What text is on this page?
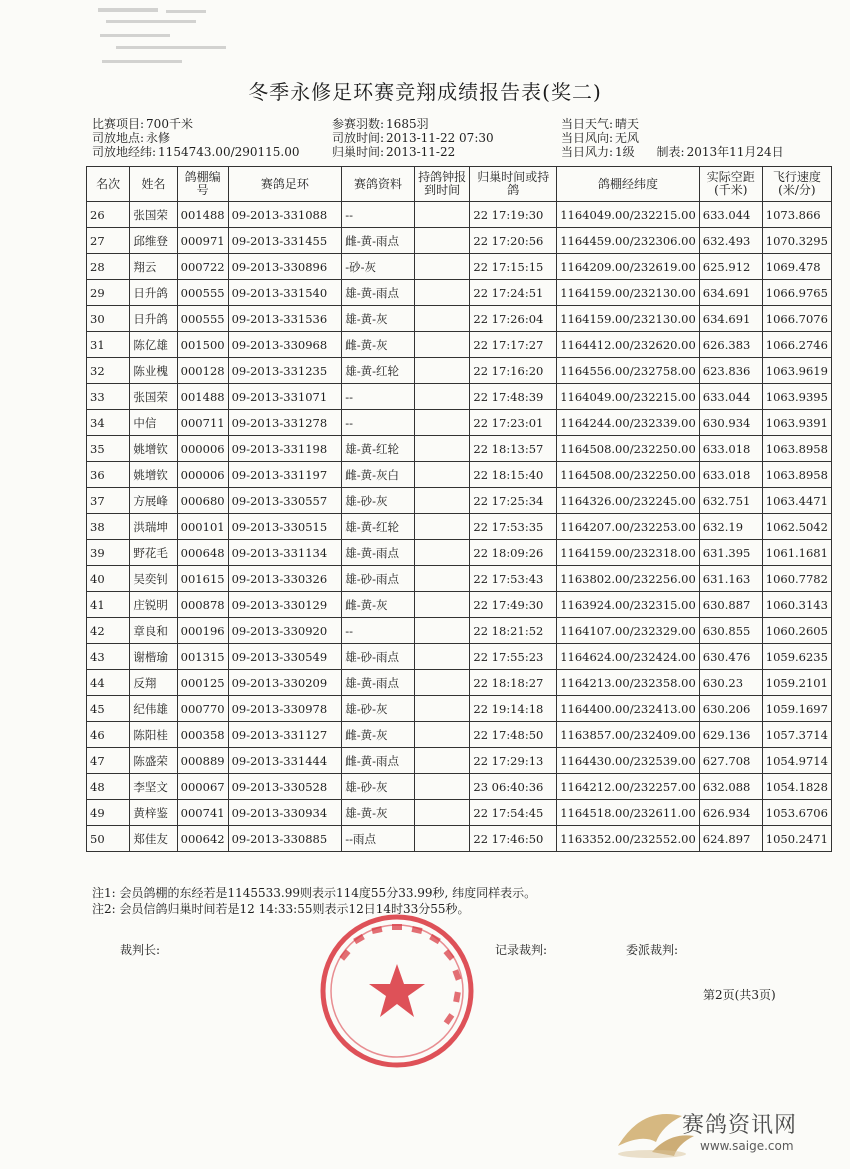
冬季永修足环赛竞翔成绩报告表(奖二)
比赛项目: 700千米
司放地点: 永修
司放地经纬: 1154743.00/290115.00
参赛羽数: 1685羽
司放时间: 2013-11-22 07:30
归巢时间: 2013-11-22
当日天气: 晴天
当日风向: 无风
当日风力: 1级 制表: 2013年11月24日
名次	姓名	鸽棚编号	赛鸽足环	赛鸽资料	持鸽钟报到时间	归巢时间或持鸽	鸽棚经纬度	实际空距(千米)	飞行速度(米/分)
26	张国荣	001488	09-2013-331088	--		22 17:19:30	1164049.00/232215.00	633.044	1073.866
27	邱维登	000971	09-2013-331455	雌-黄-雨点		22 17:20:56	1164459.00/232306.00	632.493	1070.3295
28	翔云	000722	09-2013-330896	-砂-灰		22 17:15:15	1164209.00/232619.00	625.912	1069.478
29	日升鸽	000555	09-2013-331540	雄-黄-雨点		22 17:24:51	1164159.00/232130.00	634.691	1066.9765
30	日升鸽	000555	09-2013-331536	雄-黄-灰		22 17:26:04	1164159.00/232130.00	634.691	1066.7076
31	陈亿雄	001500	09-2013-330968	雌-黄-灰		22 17:17:27	1164412.00/232620.00	626.383	1066.2746
32	陈业槐	000128	09-2013-331235	雄-黄-红轮		22 17:16:20	1164556.00/232758.00	623.836	1063.9619
33	张国荣	001488	09-2013-331071	--		22 17:48:39	1164049.00/232215.00	633.044	1063.9395
34	中信	000711	09-2013-331278	--		22 17:23:01	1164244.00/232339.00	630.934	1063.9391
35	姚增钦	000006	09-2013-331198	雄-黄-红轮		22 18:13:57	1164508.00/232250.00	633.018	1063.8958
36	姚增钦	000006	09-2013-331197	雌-黄-灰白		22 18:15:40	1164508.00/232250.00	633.018	1063.8958
37	方展峰	000680	09-2013-330557	雄-砂-灰		22 17:25:34	1164326.00/232245.00	632.751	1063.4471
38	洪瑞坤	000101	09-2013-330515	雄-黄-红轮		22 17:53:35	1164207.00/232253.00	632.19	1062.5042
39	野花毛	000648	09-2013-331134	雄-黄-雨点		22 18:09:26	1164159.00/232318.00	631.395	1061.1681
40	吴奕钊	001615	09-2013-330326	雄-砂-雨点		22 17:53:43	1163802.00/232256.00	631.163	1060.7782
41	庄锐明	000878	09-2013-330129	雌-黄-灰		22 17:49:30	1163924.00/232315.00	630.887	1060.3143
42	章良和	000196	09-2013-330920	--		22 18:21:52	1164107.00/232329.00	630.855	1060.2605
43	谢楷瑜	001315	09-2013-330549	雄-砂-雨点		22 17:55:23	1164624.00/232424.00	630.476	1059.6235
44	反翔	000125	09-2013-330209	雄-黄-雨点		22 18:18:27	1164213.00/232358.00	630.23	1059.2101
45	纪伟雄	000770	09-2013-330978	雄-砂-灰		22 19:14:18	1164400.00/232413.00	630.206	1059.1697
46	陈阳桂	000358	09-2013-331127	雌-黄-灰		22 17:48:50	1163857.00/232409.00	629.136	1057.3714
47	陈盛荣	000889	09-2013-331444	雌-黄-雨点		22 17:29:13	1164430.00/232539.00	627.708	1054.9714
48	李坚文	000067	09-2013-330528	雄-砂-灰		23 06:40:36	1164212.00/232257.00	632.088	1054.1828
49	黄梓鉴	000741	09-2013-330934	雄-黄-灰		22 17:54:45	1164518.00/232611.00	626.934	1053.6706
50	郑佳友	000642	09-2013-330885	--雨点		22 17:46:50	1163352.00/232552.00	624.897	1050.2471
注1: 会员鸽棚的东经若是1145533.99则表示114度55分33.99秒, 纬度同样表示。
注2: 会员信鸽归巢时间若是12 14:33:55则表示12日14时33分55秒。
裁判长:	记录裁判:	委派裁判:
第2页(共3页)
赛鸽资讯网
www.saige.com
